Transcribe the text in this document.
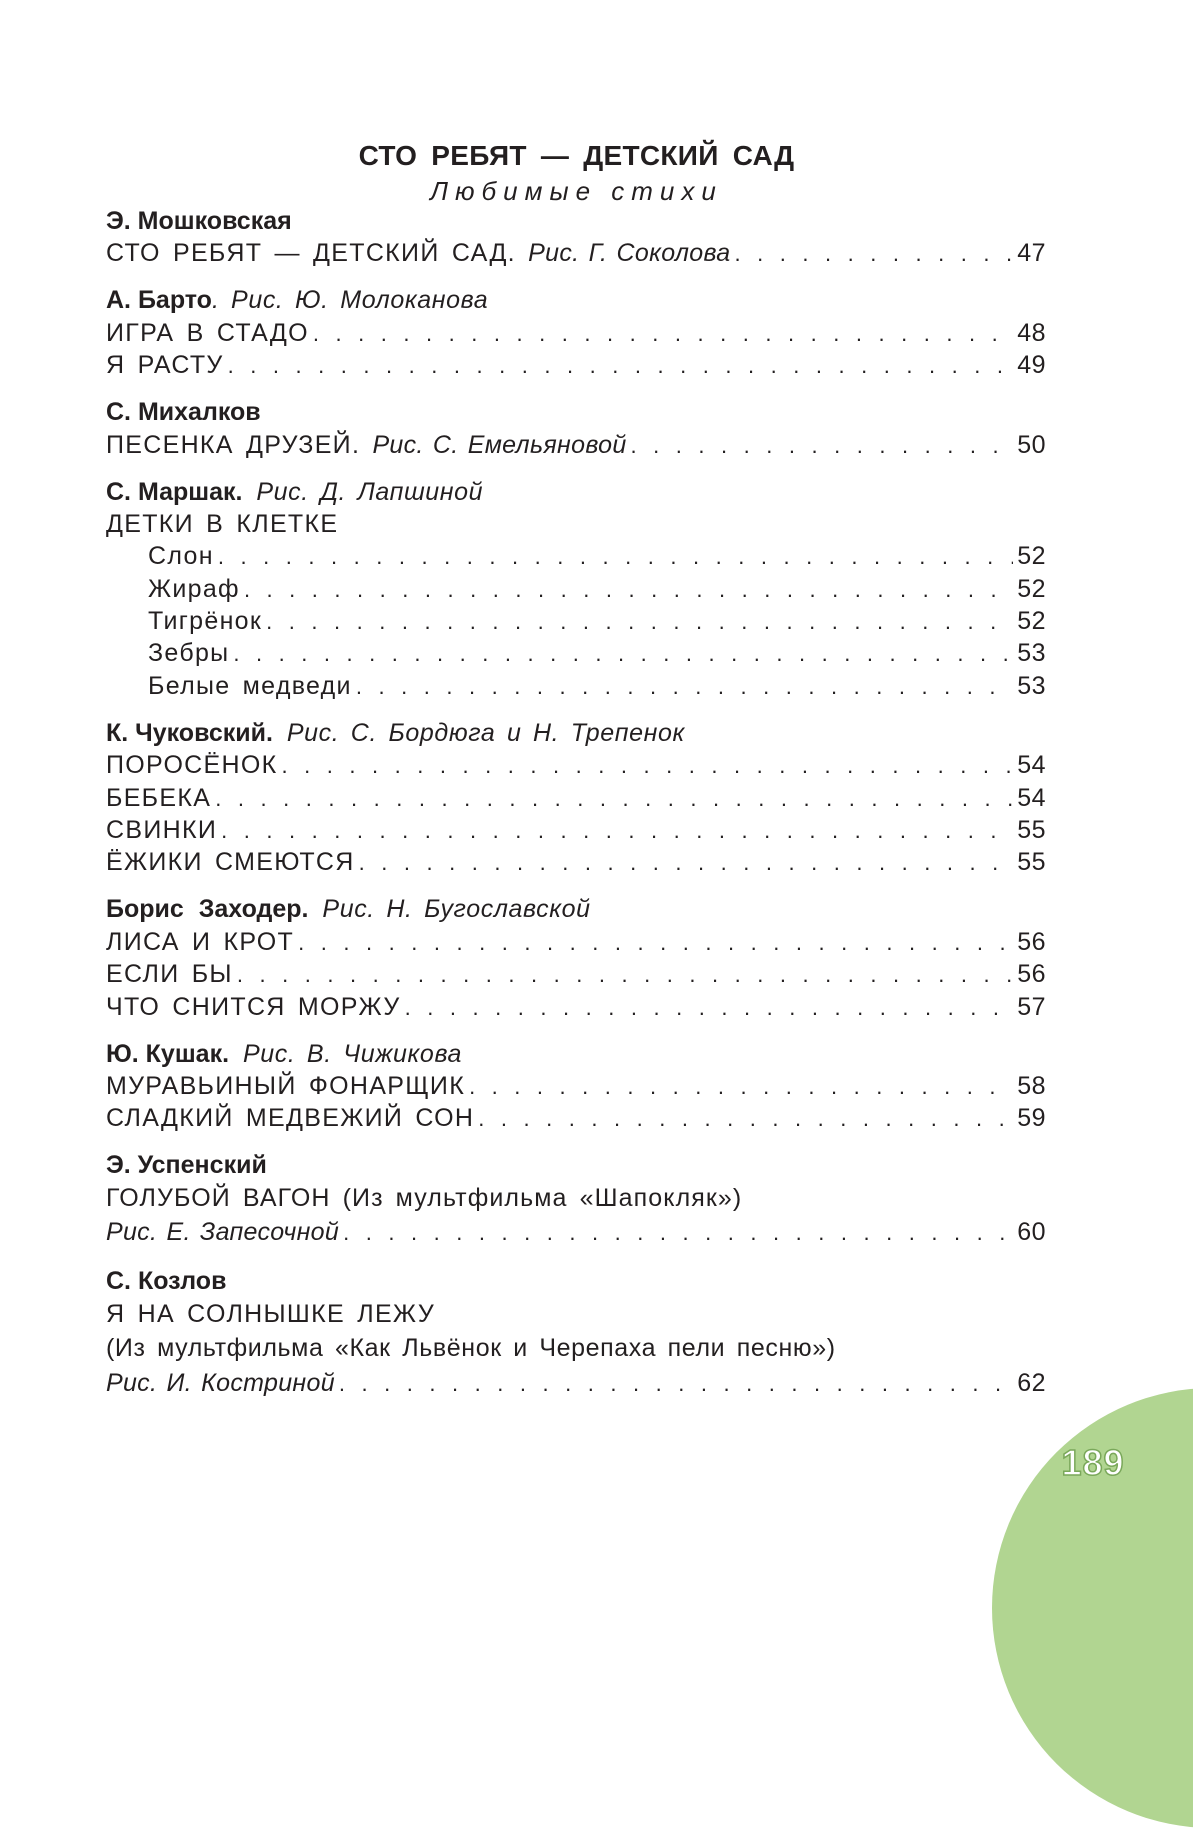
СТО РЕБЯТ — ДЕТСКИЙ САД
Любимые стихи
Э. Мошковская
СТО РЕБЯТ — ДЕТСКИЙ САД. Рис. Г. Соколова . . .	47
А. Барто. Рис. Ю. Молоканова
ИГРА В СТАДО . . .	48
Я РАСТУ . . .	49
С. Михалков
ПЕСЕНКА ДРУЗЕЙ. Рис. С. Емельяновой . . .	50
С. Маршак. Рис. Д. Лапшиной
ДЕТКИ В КЛЕТКЕ
Слон . . .	52
Жираф . . .	52
Тигрёнок . . .	52
Зебры . . .	53
Белые медведи . . .	53
К. Чуковский. Рис. С. Бордюга и Н. Трепенок
ПОРОСЁНОК . . .	54
БЕБЕКА . . .	54
СВИНКИ . . .	55
ЁЖИКИ СМЕЮТСЯ . . .	55
Борис Заходер. Рис. Н. Бугославской
ЛИСА И КРОТ . . .	56
ЕСЛИ БЫ . . .	56
ЧТО СНИТСЯ МОРЖУ . . .	57
Ю. Кушак. Рис. В. Чижикова
МУРАВЬИНЫЙ ФОНАРЩИК . . .	58
СЛАДКИЙ МЕДВЕЖИЙ СОН . . .	59
Э. Успенский
ГОЛУБОЙ ВАГОН (Из мультфильма «Шапокляк»)
Рис. Е. Запесочной . . .	60
С. Козлов
Я НА СОЛНЫШКЕ ЛЕЖУ
(Из мультфильма «Как Львёнок и Черепаха пели песню»)
Рис. И. Костриной . . .	62
189
